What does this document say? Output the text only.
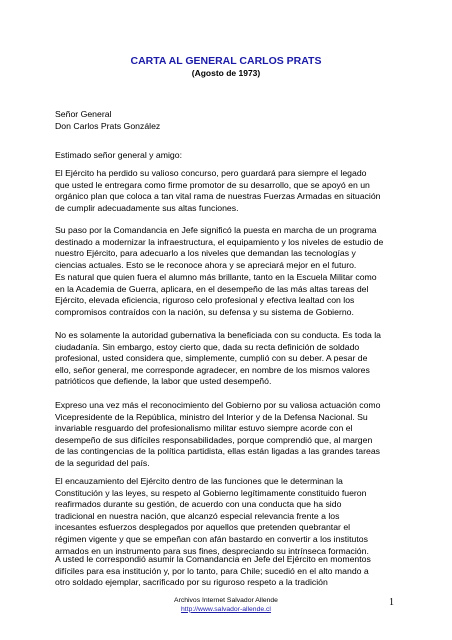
CARTA AL GENERAL CARLOS PRATS
(Agosto de 1973)
Señor General
Don Carlos Prats González
Estimado señor general y amigo:
El Ejército ha perdido su valioso concurso, pero guardará para siempre el legado
que usted le entregara como firme promotor de su desarrollo, que se apoyó en un
orgánico plan que coloca a tan vital rama de nuestras Fuerzas Armadas en situación
de cumplir adecuadamente sus altas funciones.
Su paso por la Comandancia en Jefe significó la puesta en marcha de un programa
destinado a modernizar la infraestructura, el equipamiento y los niveles de estudio de
nuestro Ejército, para adecuarlo a los niveles que demandan las tecnologías y
ciencias actuales. Esto se le reconoce ahora y se apreciará mejor en el futuro.
Es natural que quien fuera el alumno más brillante, tanto en la Escuela Militar como
en la Academia de Guerra, aplicara, en el desempeño de las más altas tareas del
Ejército, elevada eficiencia, riguroso celo profesional y efectiva lealtad con los
compromisos contraídos con la nación, su defensa y su sistema de Gobierno.
No es solamente la autoridad gubernativa la beneficiada con su conducta. Es toda la
ciudadanía. Sin embargo, estoy cierto que, dada su recta definición de soldado
profesional, usted considera que, simplemente, cumplió con su deber. A pesar de
ello, señor general, me corresponde agradecer, en nombre de los mismos valores
patrióticos que defiende, la labor que usted desempeñó.
Expreso una vez más el reconocimiento del Gobierno por su valiosa actuación como
Vicepresidente de la República, ministro del Interior y de la Defensa Nacional. Su
invariable resguardo del profesionalismo militar estuvo siempre acorde con el
desempeño de sus difíciles responsabilidades, porque comprendió que, al margen
de las contingencias de la política partidista, ellas están ligadas a las grandes tareas
de la seguridad del país.
El encauzamiento del Ejército dentro de las funciones que le determinan la
Constitución y las leyes, su respeto al Gobierno legítimamente constituido fueron
reafirmados durante su gestión, de acuerdo con una conducta que ha sido
tradicional en nuestra nación, que alcanzó especial relevancia frente a los
incesantes esfuerzos desplegados por aquellos que pretenden quebrantar el
régimen vigente y que se empeñan con afán bastardo en convertir a los institutos
armados en un instrumento para sus fines, despreciando su intrínseca formación.
A usted le correspondió asumir la Comandancia en Jefe del Ejército en momentos
difíciles para esa institución y, por lo tanto, para Chile; sucedió en el alto mando a
otro soldado ejemplar, sacrificado por su riguroso respeto a la tradición
Archivos Internet Salvador Allende
http://www.salvador-allende.cl
1
